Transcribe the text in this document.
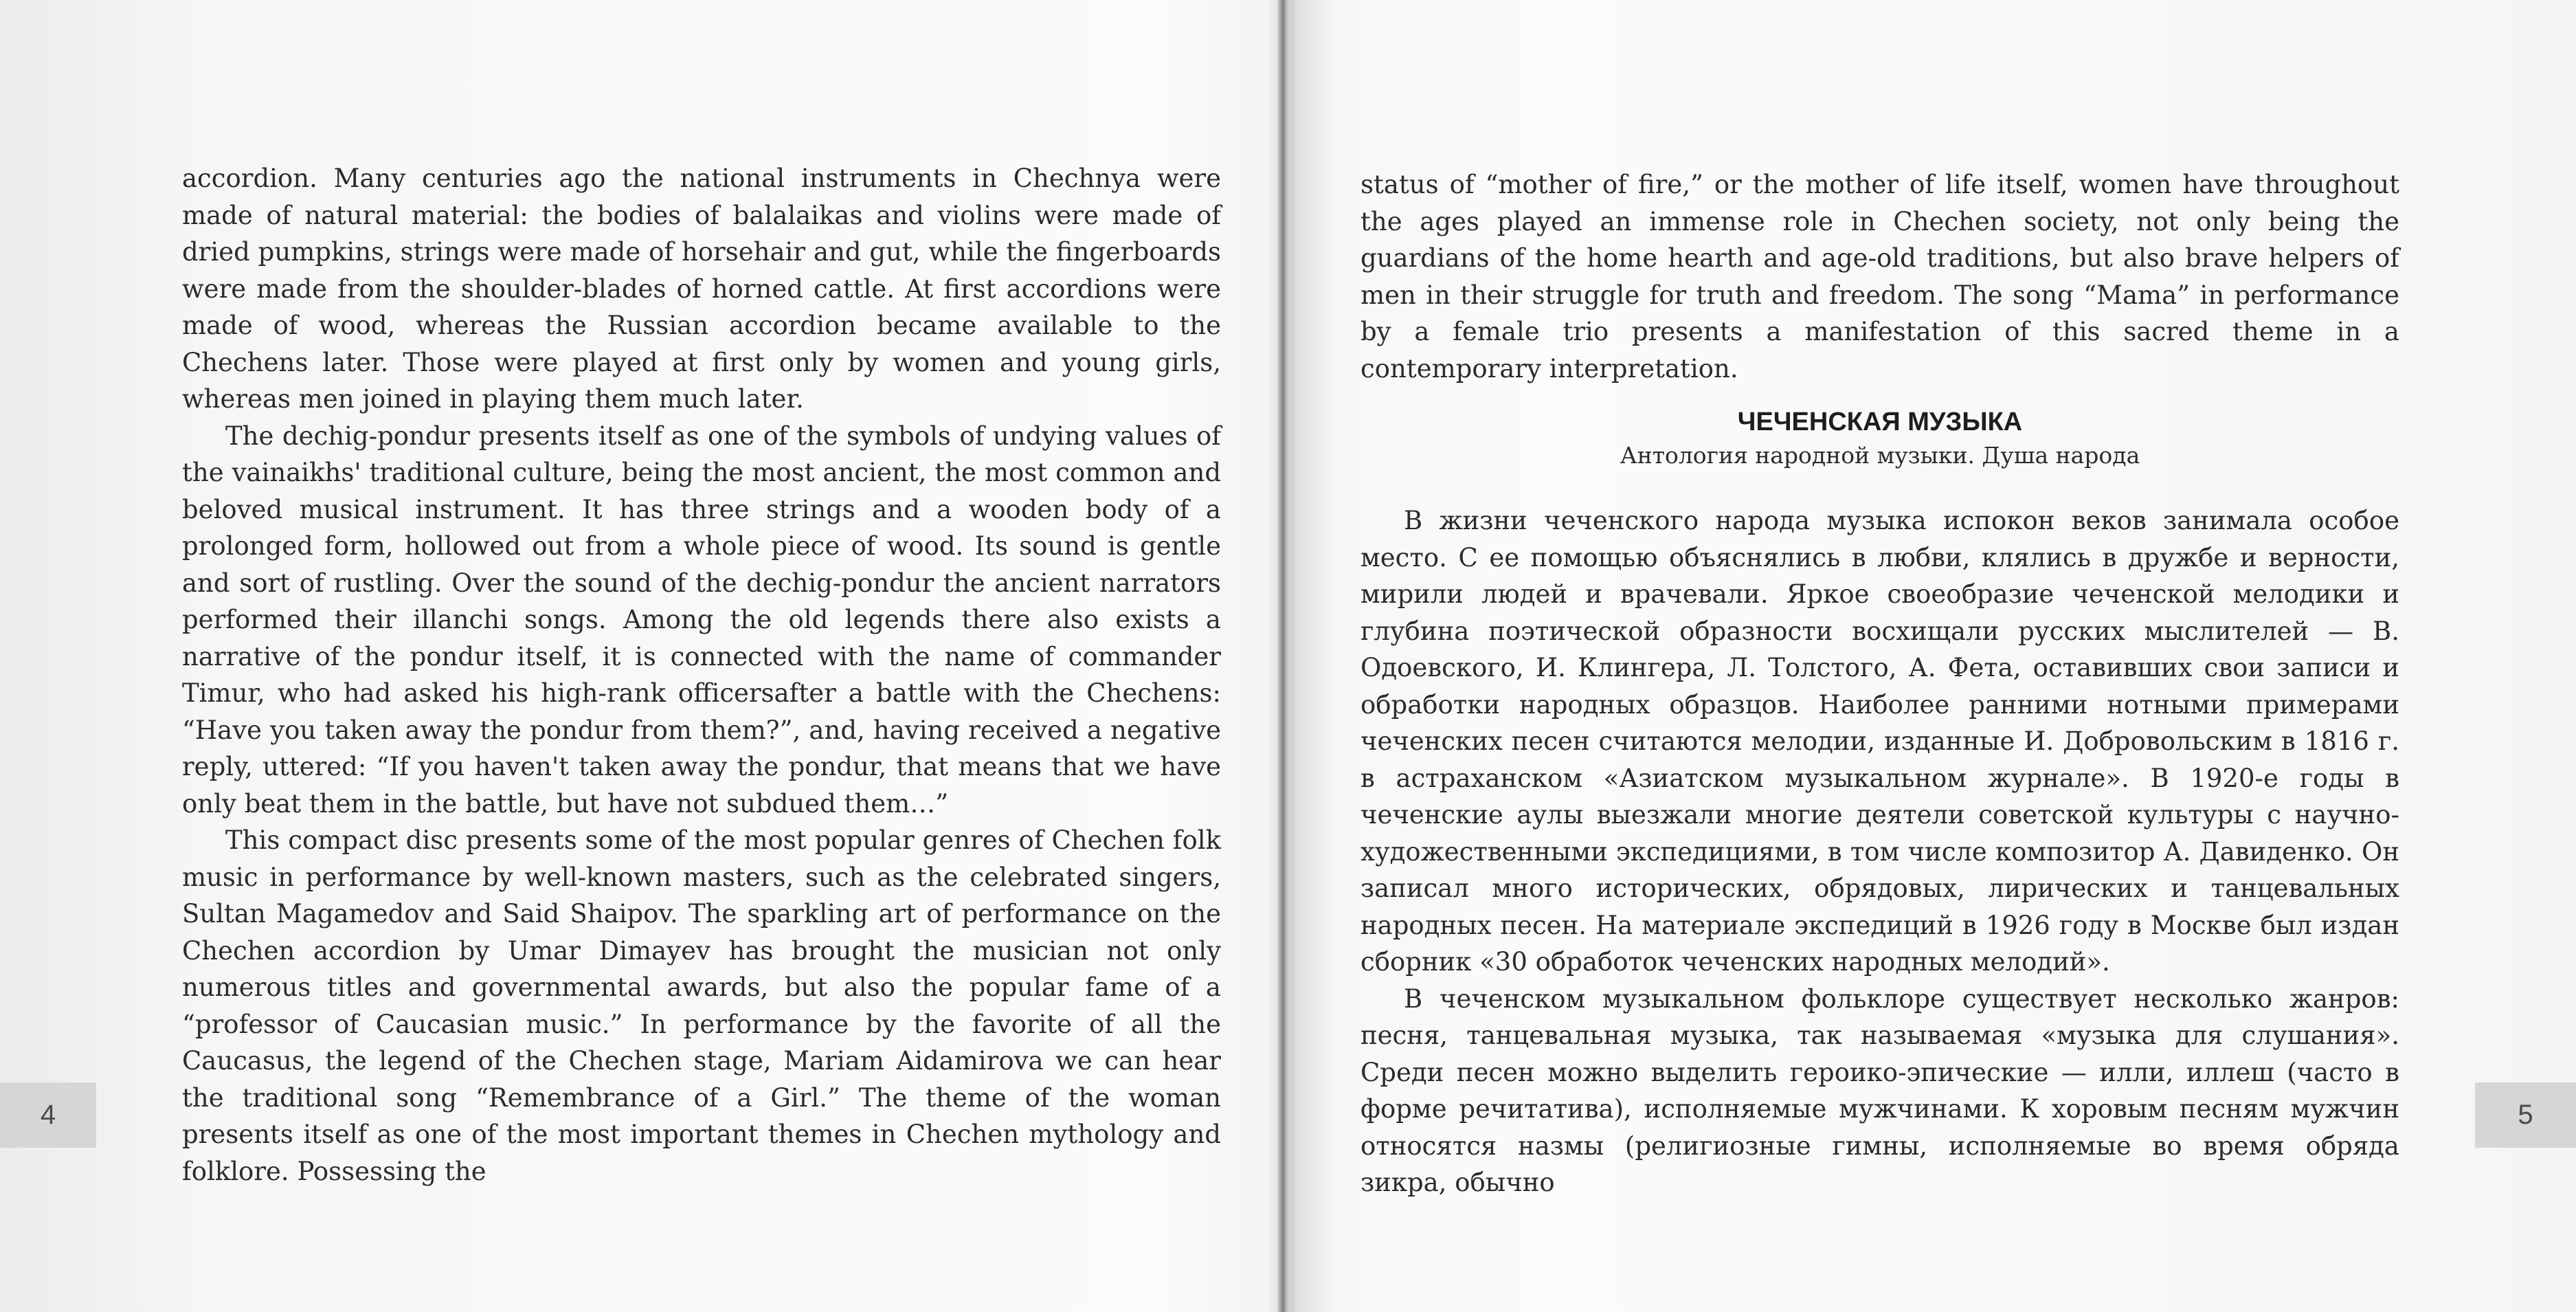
accordion. Many centuries ago the national instruments in Chechnya were made of natural material: the bodies of balalaikas and violins were made of dried pumpkins, strings were made of horsehair and gut, while the fingerboards were made from the shoulder-blades of horned cattle. At first accordions were made of wood, whereas the Russian accordion became available to the Chechens later. Those were played at first only by women and young girls, whereas men joined in playing them much later.

The dechig-pondur presents itself as one of the symbols of undying values of the vainaikhs' traditional culture, being the most ancient, the most common and beloved musical instrument. It has three strings and a wooden body of a prolonged form, hollowed out from a whole piece of wood. Its sound is gentle and sort of rustling. Over the sound of the dechig-pondur the ancient narrators performed their illanchi songs. Among the old legends there also exists a narrative of the pondur itself, it is connected with the name of commander Timur, who had asked his high-rank officersafter a battle with the Chechens: “Have you taken away the pondur from them?”, and, having received a negative reply, uttered: “If you haven't taken away the pondur, that means that we have only beat them in the battle, but have not subdued them…”

This compact disc presents some of the most popular genres of Chechen folk music in performance by well-known masters, such as the celebrated singers, Sultan Magamedov and Said Shaipov. The sparkling art of performance on the Chechen accordion by Umar Dimayev has brought the musician not only numerous titles and governmental awards, but also the popular fame of a “professor of Caucasian music.” In performance by the favorite of all the Caucasus, the legend of the Chechen stage, Mariam Aidamirova we can hear the traditional song “Remembrance of a Girl.” The theme of the woman presents itself as one of the most important themes in Chechen mythology and folklore. Possessing the

4	5

status of “mother of fire,” or the mother of life itself, women have throughout the ages played an immense role in Chechen society, not only being the guardians of the home hearth and age-old traditions, but also brave helpers of men in their struggle for truth and freedom. The song “Mama” in performance by a female trio presents a manifestation of this sacred theme in a contemporary interpretation.

ЧЕЧЕНСКАЯ МУЗЫКА
Антология народной музыки. Душа народа

В жизни чеченского народа музыка испокон веков занимала особое место. С ее помощью объяснялись в любви, клялись в дружбе и верности, мирили людей и врачевали. Яркое своеобразие чеченской мелодики и глубина поэтической образности восхищали русских мыслителей — В. Одоевского, И. Клингера, Л. Толстого, А. Фета, оставивших свои записи и обработки народных образцов. Наиболее ранними нотными примерами чеченских песен считаются мелодии, изданные И. Добровольским в 1816 г. в астраханском «Азиатском музыкальном журнале». В 1920-е годы в чеченские аулы выезжали многие деятели советской культуры с научно-художественными экспедициями, в том числе композитор А. Давиденко. Он записал много исторических, обрядовых, лирических и танцевальных народных песен. На материале экспедиций в 1926 году в Москве был издан сборник «30 обработок чеченских народных мелодий».

В чеченском музыкальном фольклоре существует несколько жанров: песня, танцевальная музыка, так называемая «музыка для слушания». Среди песен можно выделить героико-эпические — илли, иллеш (часто в форме речитатива), исполняемые мужчинами. К хоровым песням мужчин относятся назмы (религиозные гимны, исполняемые во время обряда зикра, обычно
